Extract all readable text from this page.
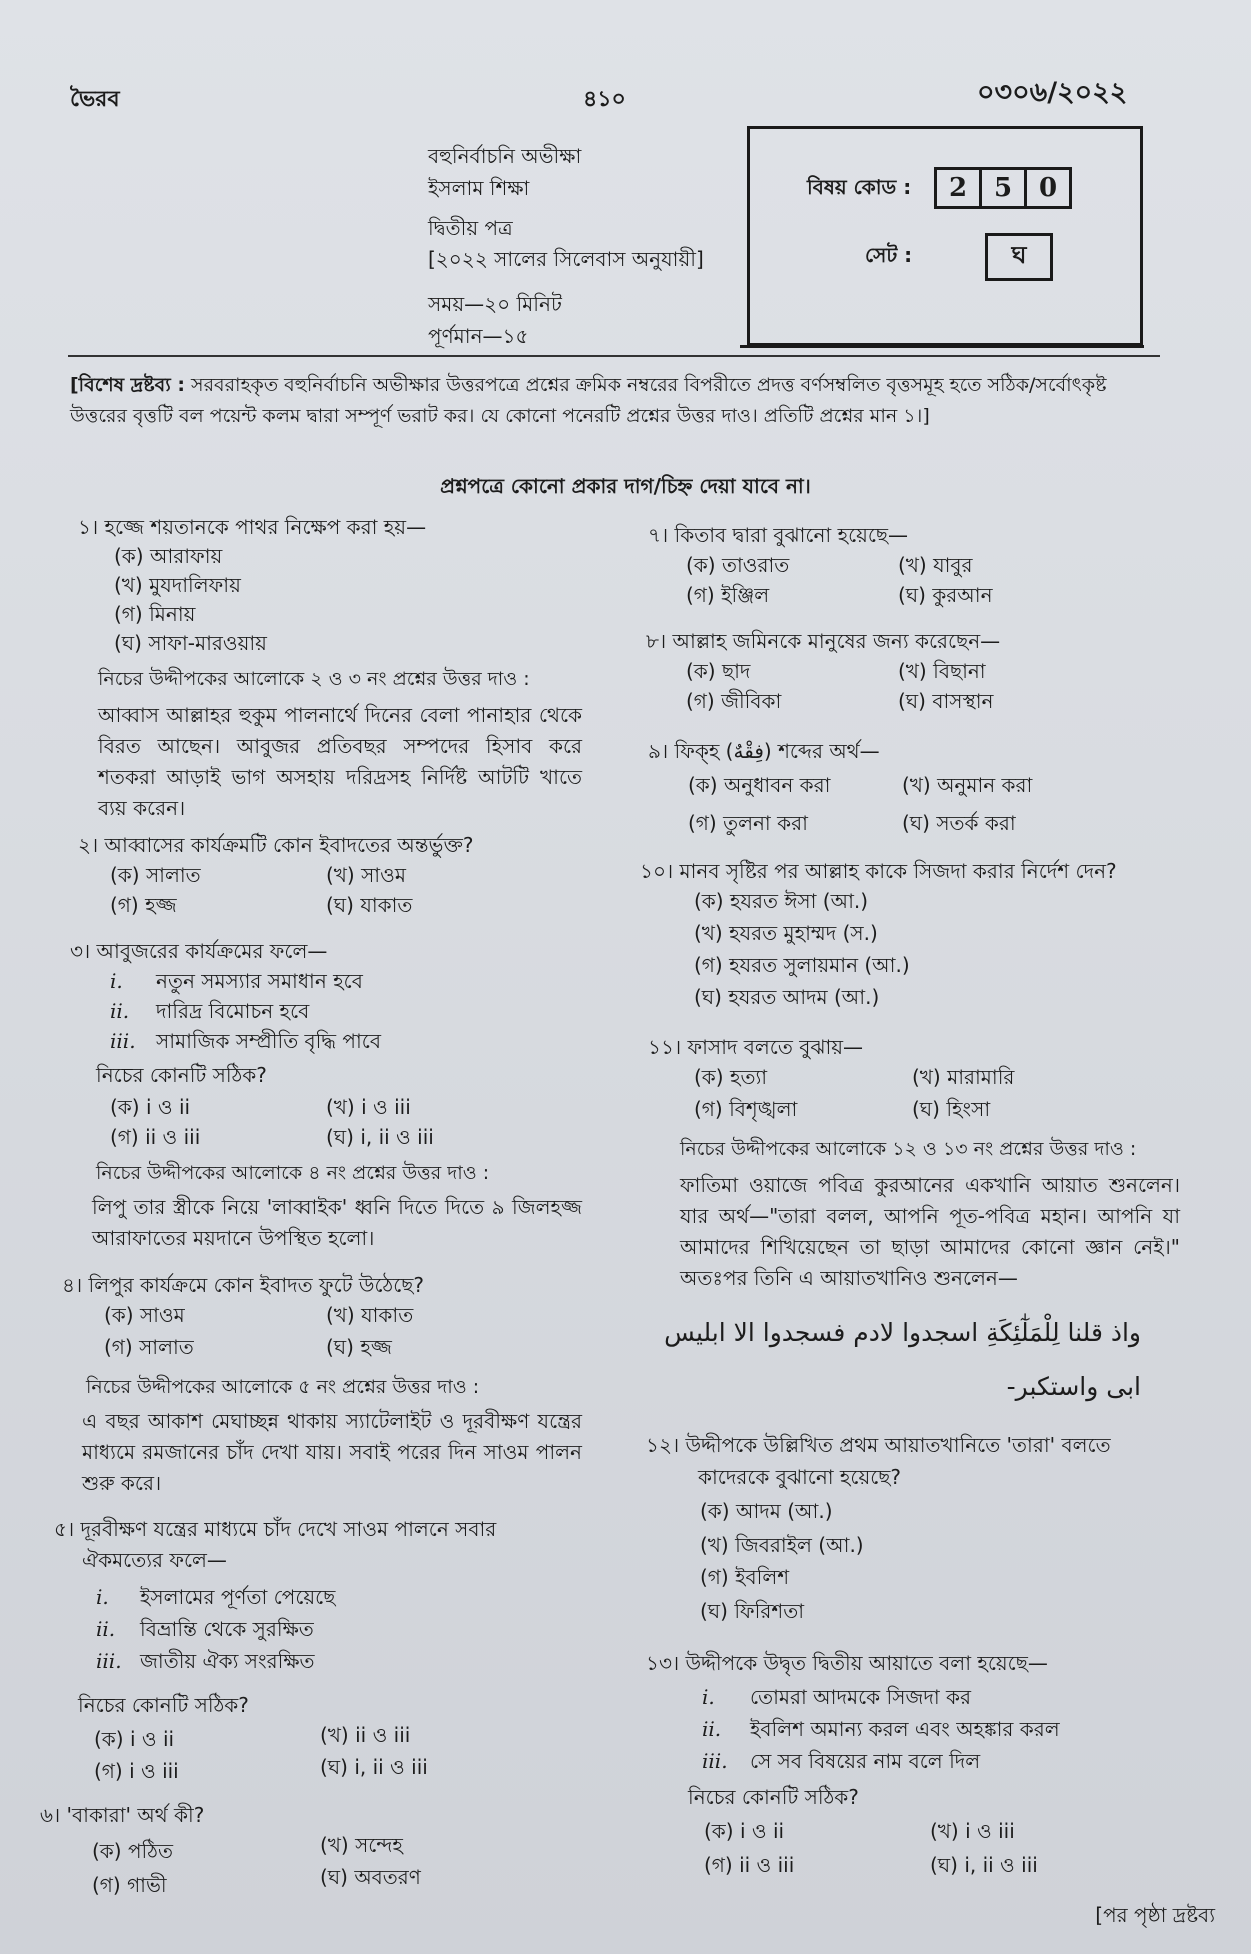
ভৈরব	৪১০	০৩০৬/২০২২
বহুনির্বাচনি অভীক্ষা
ইসলাম শিক্ষা
দ্বিতীয় পত্র
[২০২২ সালের সিলেবাস অনুযায়ী]
সময়—২০ মিনিট
পূর্ণমান—১৫
বিষয় কোড :	2	5	0
সেট :	ঘ
[বিশেষ দ্রষ্টব্য : সরবরাহকৃত বহুনির্বাচনি অভীক্ষার উত্তরপত্রে প্রশ্নের ক্রমিক নম্বরের বিপরীতে প্রদত্ত বর্ণসম্বলিত বৃত্তসমূহ হতে সঠিক/সর্বোৎকৃষ্ট উত্তরের বৃত্তটি বল পয়েন্ট কলম দ্বারা সম্পূর্ণ ভরাট কর। যে কোনো পনেরটি প্রশ্নের উত্তর দাও। প্রতিটি প্রশ্নের মান ১।]
প্রশ্নপত্রে কোনো প্রকার দাগ/চিহ্ন দেয়া যাবে না।
১। হজ্জে শয়তানকে পাথর নিক্ষেপ করা হয়—
(ক) আরাফায়
(খ) মুযদালিফায়
(গ) মিনায়
(ঘ) সাফা-মারওয়ায়
নিচের উদ্দীপকের আলোকে ২ ও ৩ নং প্রশ্নের উত্তর দাও :
আব্বাস আল্লাহর হুকুম পালনার্থে দিনের বেলা পানাহার থেকে বিরত আছেন। আবুজর প্রতিবছর সম্পদের হিসাব করে শতকরা আড়াই ভাগ অসহায় দরিদ্রসহ নির্দিষ্ট আটটি খাতে ব্যয় করেন।
২। আব্বাসের কার্যক্রমটি কোন ইবাদতের অন্তর্ভুক্ত?
(ক) সালাত	(খ) সাওম
(গ) হজ্জ	(ঘ) যাকাত
৩। আবুজরের কার্যক্রমের ফলে—
i. নতুন সমস্যার সমাধান হবে
ii. দারিদ্র বিমোচন হবে
iii. সামাজিক সম্প্রীতি বৃদ্ধি পাবে
নিচের কোনটি সঠিক?
(ক) i ও ii	(খ) i ও iii
(গ) ii ও iii	(ঘ) i, ii ও iii
নিচের উদ্দীপকের আলোকে ৪ নং প্রশ্নের উত্তর দাও :
লিপু তার স্ত্রীকে নিয়ে 'লাব্বাইক' ধ্বনি দিতে দিতে ৯ জিলহজ্জ আরাফাতের ময়দানে উপস্থিত হলো।
৪। লিপুর কার্যক্রমে কোন ইবাদত ফুটে উঠেছে?
(ক) সাওম	(খ) যাকাত
(গ) সালাত	(ঘ) হজ্জ
নিচের উদ্দীপকের আলোকে ৫ নং প্রশ্নের উত্তর দাও :
এ বছর আকাশ মেঘাচ্ছন্ন থাকায় স্যাটেলাইট ও দূরবীক্ষণ যন্ত্রের মাধ্যমে রমজানের চাঁদ দেখা যায়। সবাই পরের দিন সাওম পালন শুরু করে।
৫। দূরবীক্ষণ যন্ত্রের মাধ্যমে চাঁদ দেখে সাওম পালনে সবার
ঐকমত্যের ফলে—
i. ইসলামের পূর্ণতা পেয়েছে
ii. বিভ্রান্তি থেকে সুরক্ষিত
iii. জাতীয় ঐক্য সংরক্ষিত
নিচের কোনটি সঠিক?
(ক) i ও ii	(খ) ii ও iii
(গ) i ও iii	(ঘ) i, ii ও iii
৬। 'বাকারা' অর্থ কী?
(ক) পঠিত	(খ) সন্দেহ
(গ) গাভী	(ঘ) অবতরণ
৭। কিতাব দ্বারা বুঝানো হয়েছে—
(ক) তাওরাত	(খ) যাবুর
(গ) ইঞ্জিল	(ঘ) কুরআন
৮। আল্লাহ জমিনকে মানুষের জন্য করেছেন—
(ক) ছাদ	(খ) বিছানা
(গ) জীবিকা	(ঘ) বাসস্থান
৯। ফিক্‌হ (فِقْهٌ) শব্দের অর্থ—
(ক) অনুধাবন করা	(খ) অনুমান করা
(গ) তুলনা করা	(ঘ) সতর্ক করা
১০। মানব সৃষ্টির পর আল্লাহ কাকে সিজদা করার নির্দেশ দেন?
(ক) হযরত ঈসা (আ.)
(খ) হযরত মুহাম্মদ (স.)
(গ) হযরত সুলায়মান (আ.)
(ঘ) হযরত আদম (আ.)
১১। ফাসাদ বলতে বুঝায়—
(ক) হত্যা	(খ) মারামারি
(গ) বিশৃঙ্খলা	(ঘ) হিংসা
নিচের উদ্দীপকের আলোকে ১২ ও ১৩ নং প্রশ্নের উত্তর দাও :
ফাতিমা ওয়াজে পবিত্র কুরআনের একখানি আয়াত শুনলেন। যার অর্থ—"তারা বলল, আপনি পূত-পবিত্র মহান। আপনি যা আমাদের শিখিয়েছেন তা ছাড়া আমাদের কোনো জ্ঞান নেই।" অতঃপর তিনি এ আয়াতখানিও শুনলেন—
واذ قلنا لِلْمَلٰٓئِكَةِ اسجدوا لادم فسجدوا الا ابليس
ابى واستكبر-
১২। উদ্দীপকে উল্লিখিত প্রথম আয়াতখানিতে 'তারা' বলতে
কাদেরকে বুঝানো হয়েছে?
(ক) আদম (আ.)
(খ) জিবরাইল (আ.)
(গ) ইবলিশ
(ঘ) ফিরিশতা
১৩। উদ্দীপকে উদ্বৃত দ্বিতীয় আয়াতে বলা হয়েছে—
i. তোমরা আদমকে সিজদা কর
ii. ইবলিশ অমান্য করল এবং অহঙ্কার করল
iii. সে সব বিষয়ের নাম বলে দিল
নিচের কোনটি সঠিক?
(ক) i ও ii	(খ) i ও iii
(গ) ii ও iii	(ঘ) i, ii ও iii
[পর পৃষ্ঠা দ্রষ্টব্য
